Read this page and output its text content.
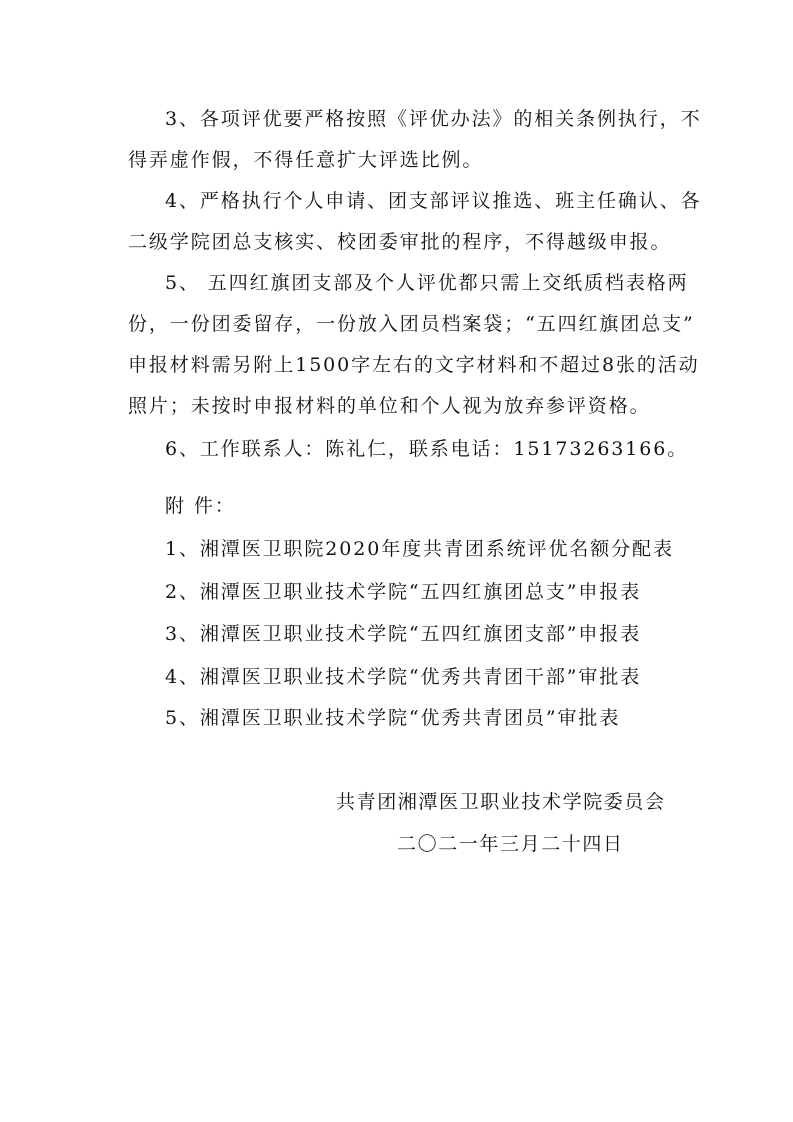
3、各项评优要严格按照《评优办法》的相关条例执行，不
得弄虚作假，不得任意扩大评选比例。
4、严格执行个人申请、团支部评议推选、班主任确认、各
二级学院团总支核实、校团委审批的程序，不得越级申报。
5、 五四红旗团支部及个人评优都只需上交纸质档表格两
份，一份团委留存，一份放入团员档案袋；“五四红旗团总支”
申报材料需另附上1500字左右的文字材料和不超过8张的活动
照片；未按时申报材料的单位和个人视为放弃参评资格。
6、工作联系人：陈礼仁，联系电话：15173263166。
附 件：
1、湘潭医卫职院2020年度共青团系统评优名额分配表
2、湘潭医卫职业技术学院“五四红旗团总支”申报表
3、湘潭医卫职业技术学院“五四红旗团支部”申报表
4、湘潭医卫职业技术学院“优秀共青团干部”审批表
5、湘潭医卫职业技术学院“优秀共青团员”审批表
共青团湘潭医卫职业技术学院委员会
二〇二一年三月二十四日
